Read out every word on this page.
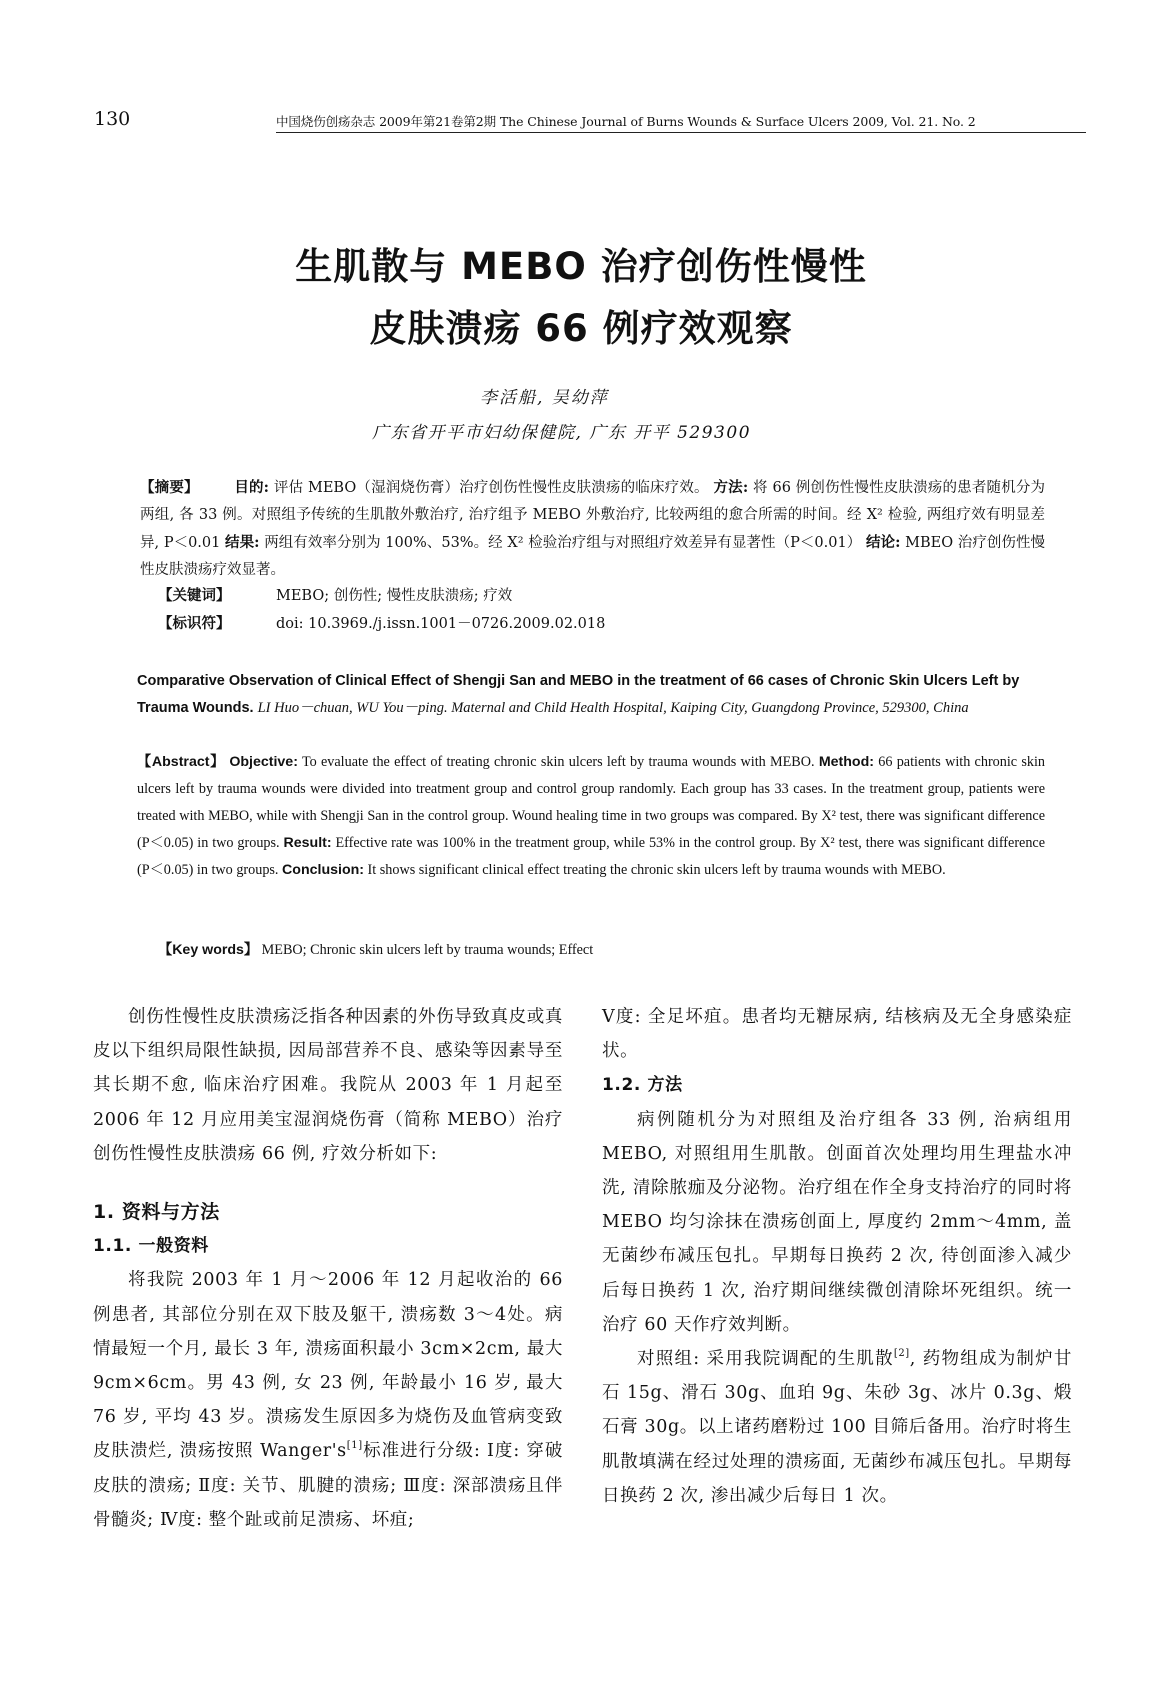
130	中国烧伤创疡杂志 2009年第21卷第2期 The Chinese Journal of Burns Wounds & Surface Ulcers 2009, Vol. 21. No. 2
生肌散与 MEBO 治疗创伤性慢性
皮肤溃疡 66 例疗效观察
李活船, 吴幼萍
广东省开平市妇幼保健院, 广东 开平 529300
【摘要】 目的: 评估 MEBO（湿润烧伤膏）治疗创伤性慢性皮肤溃疡的临床疗效。 方法: 将 66 例创伤性慢性皮肤溃疡的患者随机分为两组, 各 33 例。对照组予传统的生肌散外敷治疗, 治疗组予 MEBO 外敷治疗, 比较两组的愈合所需的时间。经 X² 检验, 两组疗效有明显差异, P＜0.01 结果: 两组有效率分别为 100%、53%。经 X² 检验治疗组与对照组疗效差异有显著性（P＜0.01） 结论: MBEO 治疗创伤性慢性皮肤溃疡疗效显著。
【关键词】	MEBO; 创伤性; 慢性皮肤溃疡; 疗效
【标识符】	doi: 10.3969./j.issn.1001－0726.2009.02.018
Comparative Observation of Clinical Effect of Shengji San and MEBO in the treatment of 66 cases of Chronic Skin Ulcers Left by Trauma Wounds. LI Huo－chuan, WU You－ping. Maternal and Child Health Hospital, Kaiping City, Guangdong Province, 529300, China
【Abstract】 Objective: To evaluate the effect of treating chronic skin ulcers left by trauma wounds with MEBO. Method: 66 patients with chronic skin ulcers left by trauma wounds were divided into treatment group and control group randomly. Each group has 33 cases. In the treatment group, patients were treated with MEBO, while with Shengji San in the control group. Wound healing time in two groups was compared. By X² test, there was significant difference (P＜0.05) in two groups. Result: Effective rate was 100% in the treatment group, while 53% in the control group. By X² test, there was significant difference (P＜0.05) in two groups. Conclusion: It shows significant clinical effect treating the chronic skin ulcers left by trauma wounds with MEBO.
【Key words】 MEBO; Chronic skin ulcers left by trauma wounds; Effect

创伤性慢性皮肤溃疡泛指各种因素的外伤导致真皮或真皮以下组织局限性缺损, 因局部营养不良、感染等因素导至其长期不愈, 临床治疗困难。我院从 2003 年 1 月起至 2006 年 12 月应用美宝湿润烧伤膏（简称 MEBO）治疗创伤性慢性皮肤溃疡 66 例, 疗效分析如下:

1. 资料与方法

1.1. 一般资料

将我院 2003 年 1 月～2006 年 12 月起收治的 66 例患者, 其部位分别在双下肢及躯干, 溃疡数 3～4处。病情最短一个月, 最长 3 年, 溃疡面积最小 3cm×2cm, 最大 9cm×6cm。男 43 例, 女 23 例, 年龄最小 16 岁, 最大 76 岁, 平均 43 岁。溃疡发生原因多为烧伤及血管病变致皮肤溃烂, 溃疡按照 Wanger's[1]标准进行分级: Ⅰ度: 穿破皮肤的溃疡; Ⅱ度: 关节、肌腱的溃疡; Ⅲ度: 深部溃疡且伴骨髓炎; Ⅳ度: 整个趾或前足溃疡、坏疽;

Ⅴ度: 全足坏疽。患者均无糖尿病, 结核病及无全身感染症状。

1.2. 方法

病例随机分为对照组及治疗组各 33 例, 治病组用 MEBO, 对照组用生肌散。创面首次处理均用生理盐水冲洗, 清除脓痂及分泌物。治疗组在作全身支持治疗的同时将 MEBO 均匀涂抹在溃疡创面上, 厚度约 2mm～4mm, 盖无菌纱布减压包扎。早期每日换药 2 次, 待创面渗入减少后每日换药 1 次, 治疗期间继续微创清除坏死组织。统一治疗 60 天作疗效判断。

对照组: 采用我院调配的生肌散[2], 药物组成为制炉甘石 15g、滑石 30g、血珀 9g、朱砂 3g、冰片 0.3g、煅石膏 30g。以上诸药磨粉过 100 目筛后备用。治疗时将生肌散填满在经过处理的溃疡面, 无菌纱布减压包扎。早期每日换药 2 次, 渗出减少后每日 1 次。
